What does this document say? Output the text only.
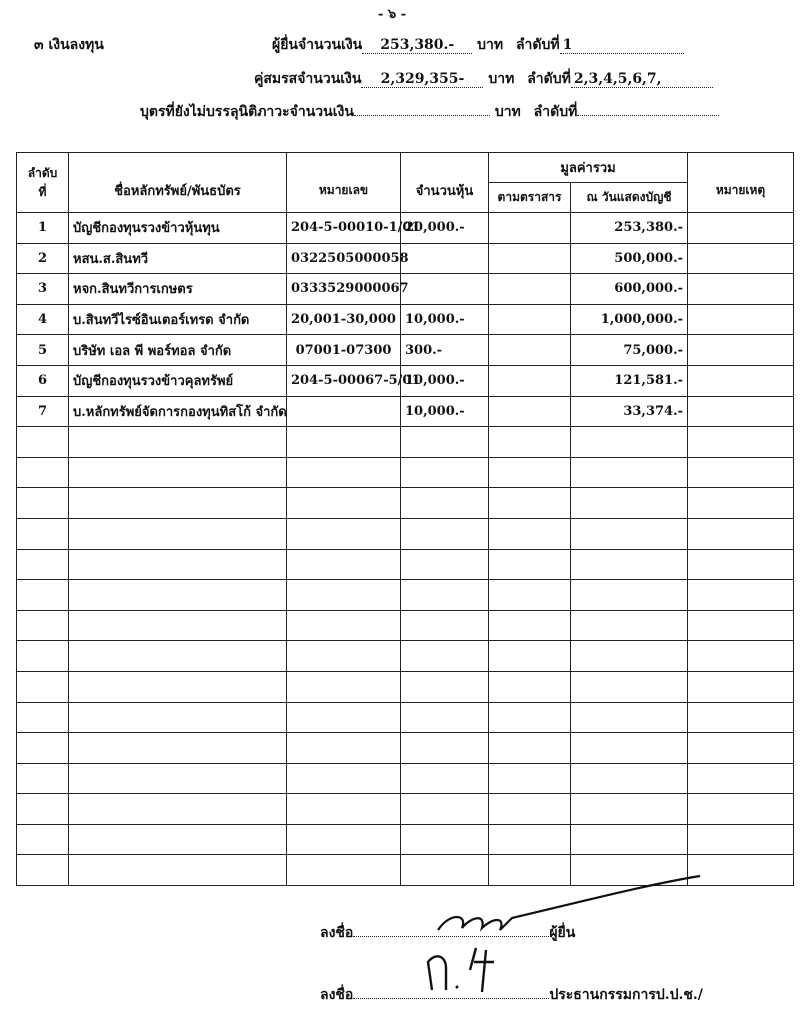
- ๖ -
๓ เงินลงทุน	ผู้ยื่นจำนวนเงิน 253,380.- บาท ลำดับที่ 1
คู่สมรสจำนวนเงิน 2,329,355- บาท ลำดับที่ 2,3,4,5,6,7,
บุตรที่ยังไม่บรรลุนิติภาวะจำนวนเงิน	บาท ลำดับที่
ลำดับ
ที่	ชื่อหลักทรัพย์/พันธบัตร	หมายเลข	จำนวนหุ้น	มูลค่ารวม		หมายเหตุ
				ตามตราสาร	ณ วันแสดงบัญชี	
1	บัญชีกองทุนรวงข้าวหุ้นทุน	204-5-00010-1/01	20,000.-		253,380.-	
2	หสน.ส.สินทวี	0322505000058			500,000.-	
3	หจก.สินทวีการเกษตร	0333529000067			600,000.-	
4	บ.สินทวีไรซ์อินเตอร์เทรด จำกัด	20,001-30,000	10,000.-		1,000,000.-	
5	บริษัท เอล พี พอร์ทอล จำกัด	07001-07300	300.-		75,000.-	
6	บัญชีกองทุนรวงข้าวคุลทรัพย์	204-5-00067-5/01	10,000.-		121,581.-	
7	บ.หลักทรัพย์จัดการกองทุนทิสโก้ จำกัด		10,000.-		33,374.-	

ลงชื่อ	ผู้ยื่น
ลงชื่อ	ประธานกรรมการป.ป.ช./
